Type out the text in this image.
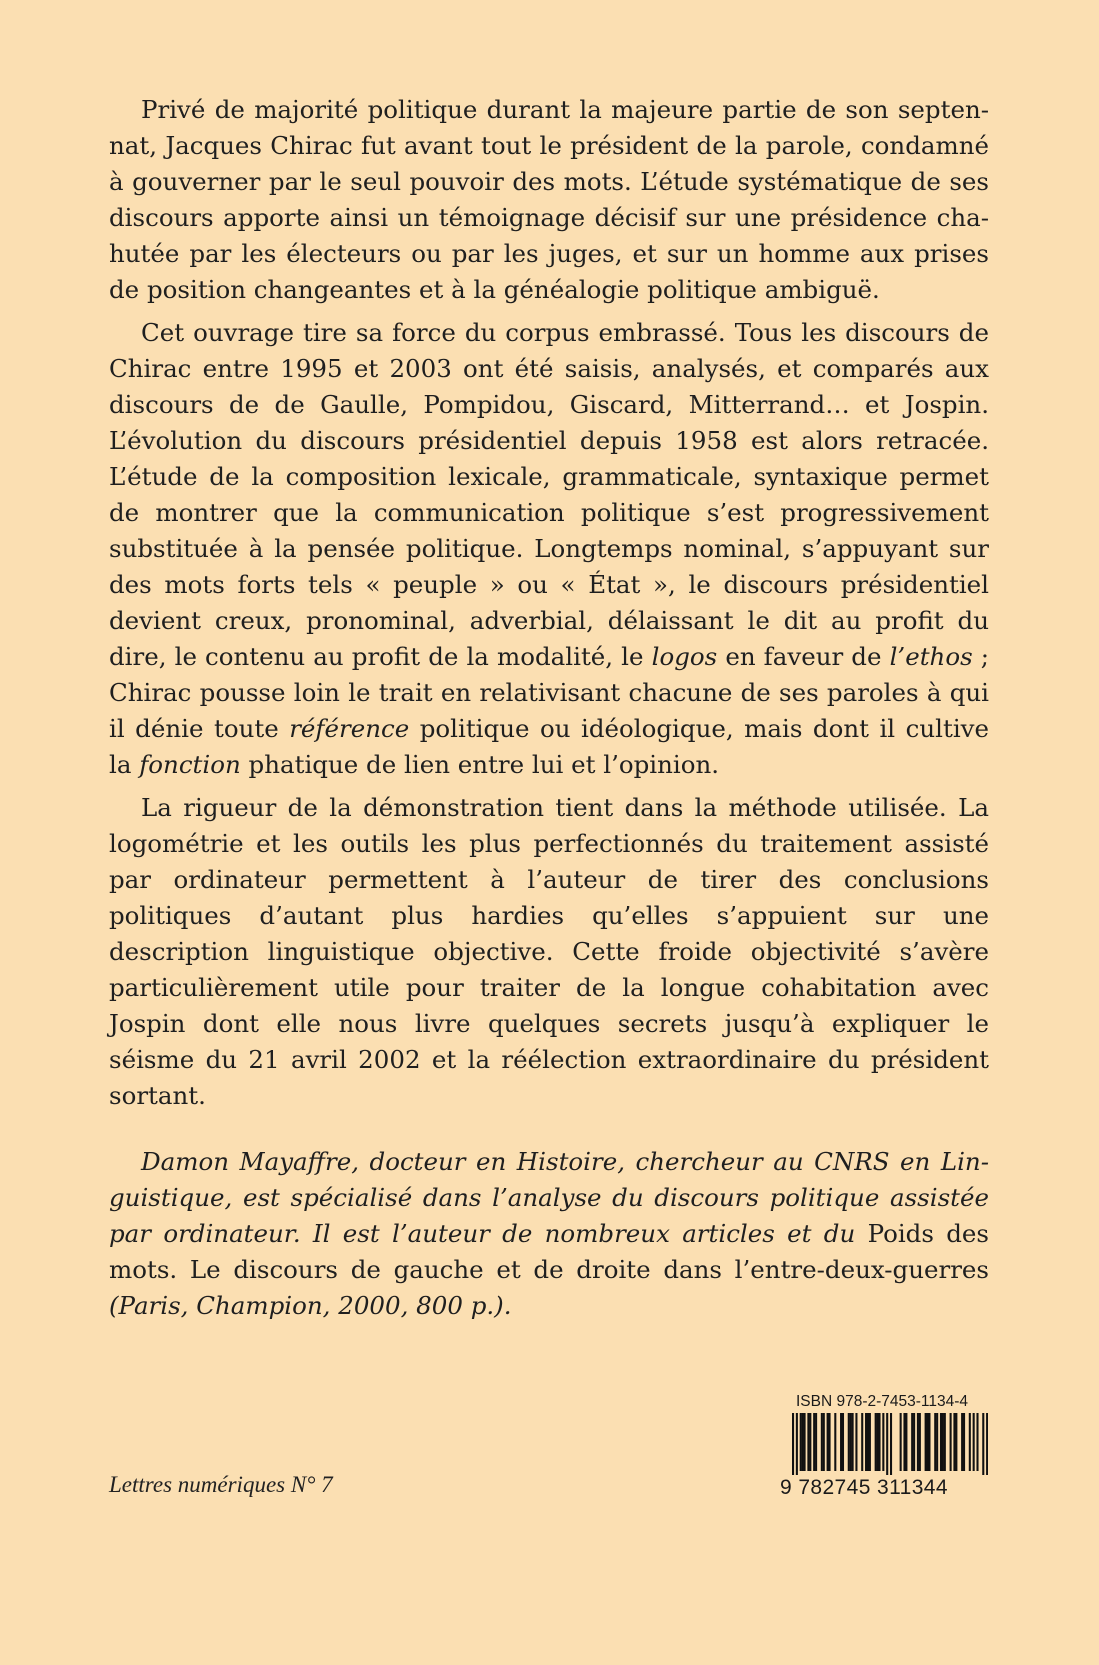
Privé de majorité politique durant la majeure partie de son septennat, Jacques Chirac fut avant tout le président de la parole, condamné à gouverner par le seul pouvoir des mots. L’étude systématique de ses discours apporte ainsi un témoignage décisif sur une présidence chahutée par les électeurs ou par les juges, et sur un homme aux prises de position changeantes et à la généalogie politique ambiguë.

Cet ouvrage tire sa force du corpus embrassé. Tous les discours de Chirac entre 1995 et 2003 ont été saisis, analysés, et comparés aux discours de de Gaulle, Pompidou, Giscard, Mitterrand… et Jospin. L’évolution du discours présidentiel depuis 1958 est alors retracée. L’étude de la composition lexicale, grammaticale, syntaxique permet de montrer que la communication politique s’est progressivement substituée à la pensée politique. Longtemps nominal, s’appuyant sur des mots forts tels « peuple » ou « État », le discours présidentiel devient creux, pronominal, adverbial, délaissant le dit au profit du dire, le contenu au profit de la modalité, le logos en faveur de l’ethos ; Chirac pousse loin le trait en relativisant chacune de ses paroles à qui il dénie toute référence politique ou idéologique, mais dont il cultive la fonction phatique de lien entre lui et l’opinion.

La rigueur de la démonstration tient dans la méthode utilisée. La logométrie et les outils les plus perfectionnés du traitement assisté par ordinateur permettent à l’auteur de tirer des conclusions politiques d’autant plus hardies qu’elles s’appuient sur une description linguistique objective. Cette froide objectivité s’avère particulièrement utile pour traiter de la longue cohabitation avec Jospin dont elle nous livre quelques secrets jusqu’à expliquer le séisme du 21 avril 2002 et la réélection extraordinaire du président sortant.

Damon Mayaffre, docteur en Histoire, chercheur au CNRS en Linguistique, est spécialisé dans l’analyse du discours politique assistée par ordinateur. Il est l’auteur de nombreux articles et du Poids des mots. Le discours de gauche et de droite dans l’entre-deux-guerres (Paris, Champion, 2000, 800 p.).
Lettres numériques N° 7
ISBN 978-2-7453-1134-4
9 782745 311344
